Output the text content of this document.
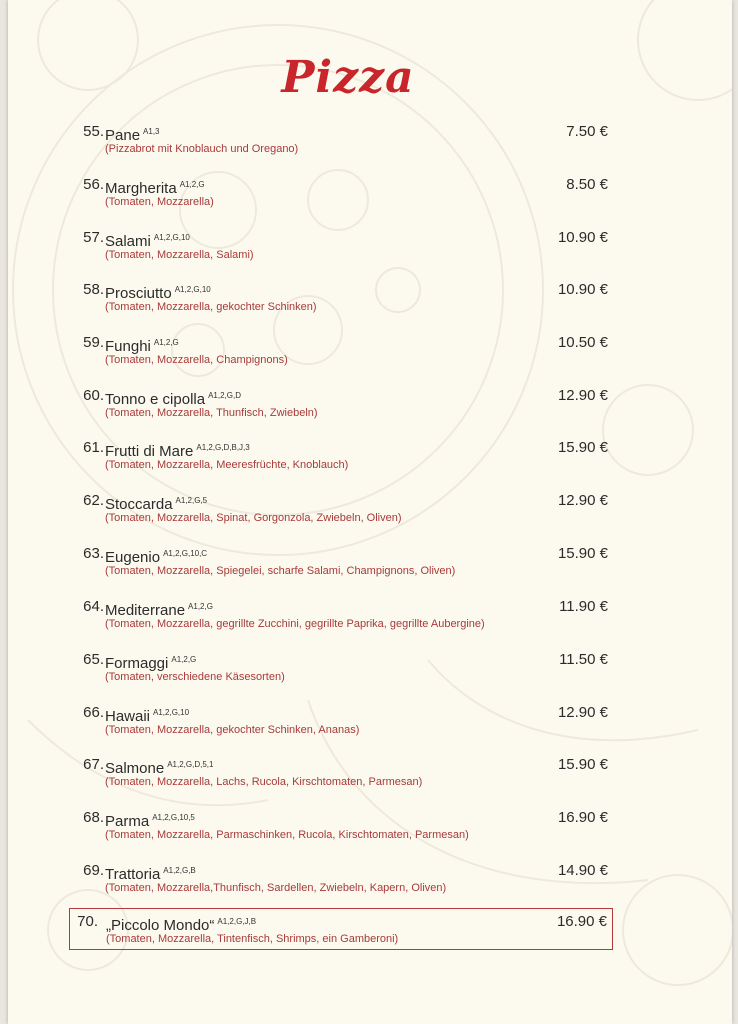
Pizza
55. Pane $^{A1,3}$
(Pizzabrot mit Knoblauch und Oregano)
7.50 €
56. Margherita $^{A1,2,G}$
(Tomaten, Mozzarella)
8.50 €
57. Salami $^{A1,2,G,10}$
(Tomaten, Mozzarella, Salami)
10.90 €
58. Prosciutto $^{A1,2,G,10}$
(Tomaten, Mozzarella, gekochter Schinken)
10.90 €
59. Funghi $^{A1,2,G}$
(Tomaten, Mozzarella, Champignons)
10.50 €
60. Tonno e cipolla $^{A1,2,G,D}$
(Tomaten, Mozzarella, Thunfisch, Zwiebeln)
12.90 €
61. Frutti di Mare $^{A1,2,G,D,B,J,3}$
(Tomaten, Mozzarella, Meeresfrüchte, Knoblauch)
15.90 €
62. Stoccarda $^{A1,2,G,5}$
(Tomaten, Mozzarella, Spinat, Gorgonzola, Zwiebeln, Oliven)
12.90 €
63. Eugenio $^{A1,2,G,10,C}$
(Tomaten, Mozzarella, Spiegelei, scharfe Salami, Champignons, Oliven)
15.90 €
64. Mediterrane $^{A1,2,G}$
(Tomaten, Mozzarella, gegrillte Zucchini, gegrillte Paprika, gegrillte Aubergine)
11.90 €
65. Formaggi $^{A1,2,G}$
(Tomaten, verschiedene Käsesorten)
11.50 €
66. Hawaii $^{A1,2,G,10}$
(Tomaten, Mozzarella, gekochter Schinken, Ananas)
12.90 €
67. Salmone $^{A1,2,G,D,5,1}$
(Tomaten, Mozzarella, Lachs, Rucola, Kirschtomaten, Parmesan)
15.90 €
68. Parma $^{A1,2,G,10,5}$
(Tomaten, Mozzarella, Parmaschinken, Rucola, Kirschtomaten, Parmesan)
16.90 €
69. Trattoria $^{A1,2,G,B}$
(Tomaten, Mozzarella,Thunfisch, Sardellen, Zwiebeln, Kapern, Oliven)
14.90 €
70. „Piccolo Mondo“ $^{A1,2,G,J,B}$
(Tomaten, Mozzarella, Tintenfisch, Shrimps, ein Gamberoni)
16.90 €
